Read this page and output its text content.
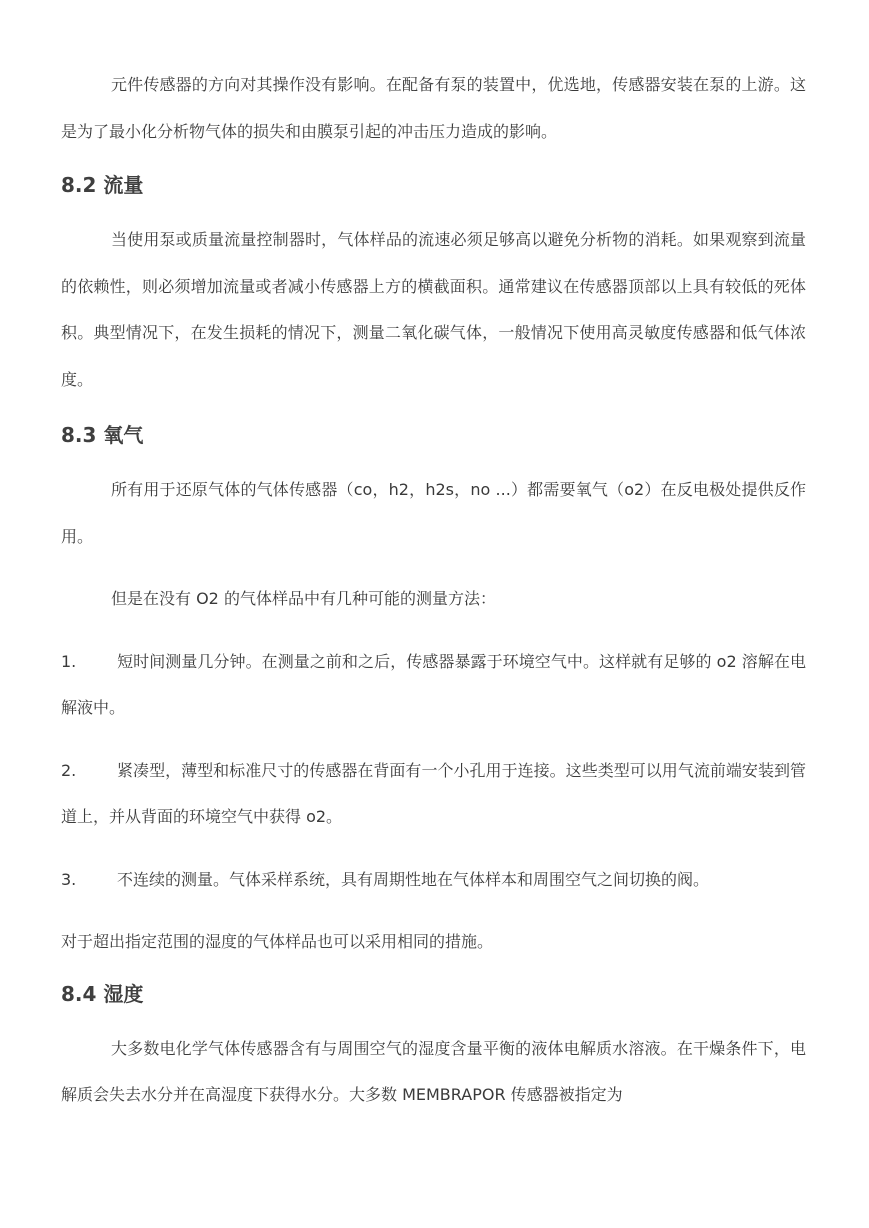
元件传感器的方向对其操作没有影响。在配备有泵的装置中，优选地，传感器安装在泵的上游。这是为了最小化分析物气体的损失和由膜泵引起的冲击压力造成的影响。

8.2 流量

当使用泵或质量流量控制器时，气体样品的流速必须足够高以避免分析物的消耗。如果观察到流量的依赖性，则必须增加流量或者减小传感器上方的横截面积。通常建议在传感器顶部以上具有较低的死体积。典型情况下，在发生损耗的情况下，测量二氧化碳气体，一般情况下使用高灵敏度传感器和低气体浓度。

8.3 氧气

所有用于还原气体的气体传感器（co，h2，h2s，no ...）都需要氧气（o2）在反电极处提供反作用。

但是在没有 O2 的气体样品中有几种可能的测量方法：

1.	短时间测量几分钟。在测量之前和之后，传感器暴露于环境空气中。这样就有足够的 o2 溶解在电解液中。

2.	紧凑型，薄型和标准尺寸的传感器在背面有一个小孔用于连接。这些类型可以用气流前端安装到管道上，并从背面的环境空气中获得 o2。

3.	不连续的测量。气体采样系统，具有周期性地在气体样本和周围空气之间切换的阀。

对于超出指定范围的湿度的气体样品也可以采用相同的措施。

8.4 湿度

大多数电化学气体传感器含有与周围空气的湿度含量平衡的液体电解质水溶液。在干燥条件下，电解质会失去水分并在高湿度下获得水分。大多数 MEMBRAPOR 传感器被指定为
